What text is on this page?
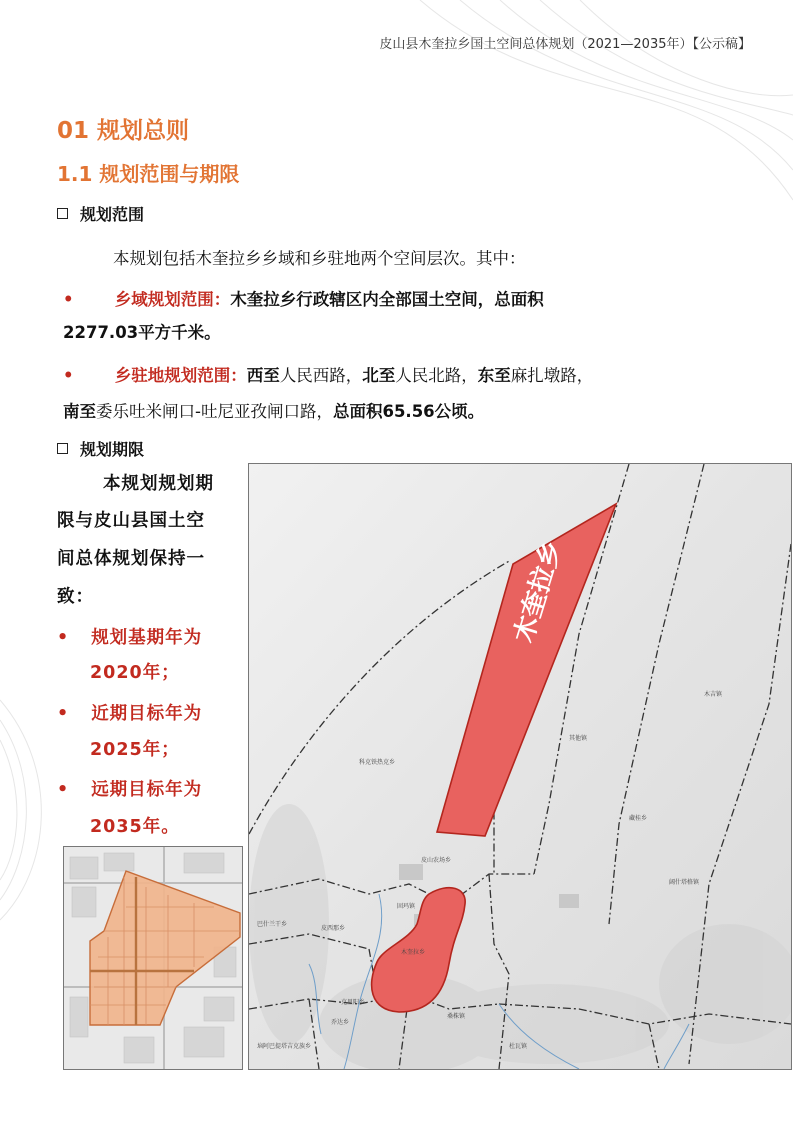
皮山县木奎拉乡国土空间总体规划（2021—2035年）【公示稿】
01 规划总则
1.1 规划范围与期限
规划范围
本规划包括木奎拉乡乡域和乡驻地两个空间层次。其中：
•	乡域规划范围：木奎拉乡行政辖区内全部国土空间，总面积
2277.03平方千米。
•	乡驻地规划范围：西至人民西路，北至人民北路，东至麻扎墩路，
南至委乐吐米闸口-吐尼亚孜闸口路，总面积65.56公顷。
规划期限
本规划规划期
限与皮山县国土空
间总体规划保持一
致：
• 规划基期年为
2020年；
• 近期目标年为
2025年；
• 远期目标年为
2035年。
木奎拉乡
其他镇
木吉镇
科克铁热克乡
藏桂乡
皮山农场乡
固玛镇
巴什兰干乡
皮西那乡
木奎拉乡
乔达乡
桑株镇
杜瓦镇
垴阿巴提塔吉克族乡
克里阳乡
阔什塔格镇
